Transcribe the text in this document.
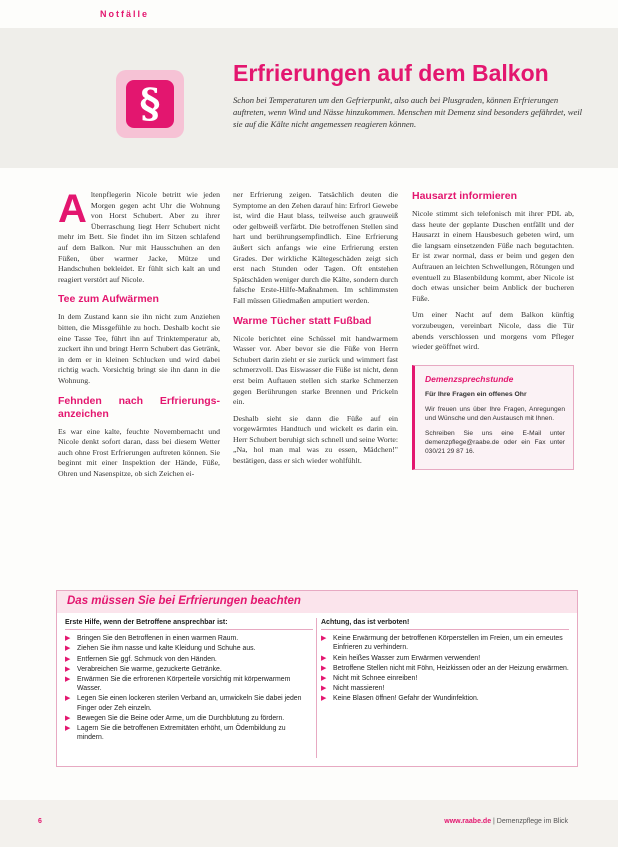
Notfälle
§
Erfrierungen auf dem Balkon

Schon bei Temperaturen um den Gefrierpunkt, also auch bei Plusgraden, können Erfrierungen auftreten, wenn Wind und Nässe hinzukommen. Menschen mit Demenz sind besonders gefährdet, weil sie auf die Kälte nicht angemessen reagieren können.

Altenpflegerin Nicole betritt wie jeden Morgen gegen acht Uhr die Wohnung von Horst Schubert. Aber zu ihrer Überraschung liegt Herr Schubert nicht mehr im Bett. Sie findet ihn im Sitzen schlafend auf dem Balkon. Nur mit Hausschuhen an den Füßen, über warmer Jacke, Mütze und Handschuhen bekleidet. Er fühlt sich kalt an und reagiert verstört auf Nicole.

Tee zum Aufwärmen

In dem Zustand kann sie ihn nicht zum Anziehen bitten, die Missgefühle zu hoch. Deshalb kocht sie eine Tasse Tee, führt ihn auf Trinktemperatur ab, zuckert ihn und bringt Herrn Schubert das Getränk, in dem er in kleinen Schlucken und wird dabei richtig wach. Vorsichtig bringt sie ihn dann in die Wohnung.

Fehnden nach Erfrierungs-anzeichen

Es war eine kalte, feuchte Novembernacht und Nicole denkt sofort daran, dass bei diesem Wetter auch ohne Frost Erfrierungen auftreten können. Sie beginnt mit einer Inspektion der Hände, Füße, Ohren und Nasenspitze, ob sich Zeichen ei-

ner Erfrierung zeigen. Tatsächlich deuten die Symptome an den Zehen darauf hin: Erfrorl Gewebe ist, wird die Haut blass, teilweise auch grauweiß oder gelbweiß verfärbt. Die betroffenen Stellen sind hart und berührungsempfindlich. Eine Erfrierung äußert sich anfangs wie eine Erfrierung ersten Grades. Der wirkliche Kältegeschäden zeigt sich erst nach Stunden oder Tagen. Oft entstehen Spätschäden weniger durch die Kälte, sondern durch falsche Erste-Hilfe-Maßnahmen. Im schlimmsten Fall müssen Gliedmaßen amputiert werden.

Warme Tücher statt Fußbad

Nicole berichtet eine Schüssel mit handwarmem Wasser vor. Aber bevor sie die Füße von Herrn Schubert darin zieht er sie zurück und wimmert fast schmerzvoll. Das Eiswasser die Füße ist nicht, denn erst beim Auftauen stellen sich starke Schmerzen gegen Berührungen starke Brennen und Prickeln ein.

Deshalb sieht sie dann die Füße auf ein vorgewärmtes Handtuch und wickelt es darin ein. Herr Schubert beruhigt sich schnell und seine Worte: „Na, hol man mal was zu essen, Mädchen!" bestätigen, dass er sich wieder wohlfühlt.

Hausarzt informieren

Nicole stimmt sich telefonisch mit ihrer PDL ab, dass heute der geplante Duschen entfällt und der Hausarzt in einem Hausbesuch gebeten wird, um die langsam einsetzenden Füße nach begutachten. Er ist zwar normal, dass er beim und gegen den Auftrauen an leichten Schwellungen, Rötungen und eventuell zu Blasenbildung kommt, aber Nicole ist doch etwas unsicher beim Anblick der bucheren Füße.

Um einer Nacht auf dem Balkon künftig vorzubeugen, vereinbart Nicole, dass die Tür abends verschlossen und morgens vom Pfleger wieder geöffnet wird.

Demenzsprechstunde
Für Ihre Fragen ein offenes Ohr
Wir freuen uns über Ihre Fragen, Anregungen und Wünsche und den Austausch mit Ihnen.
Schreiben Sie uns eine E-Mail unter demenzpflege@raabe.de oder ein Fax unter 030/21 29 87 16.
Das müssen Sie bei Erfrierungen beachten
Erste Hilfe, wenn der Betroffene ansprechbar ist:
▶ Bringen Sie den Betroffenen in einen warmen Raum.
▶ Ziehen Sie ihm nasse und kalte Kleidung und Schuhe aus.
▶ Entfernen Sie ggf. Schmuck von den Händen.
▶ Verabreichen Sie warme, gezuckerte Getränke.
▶ Erwärmen Sie die erfrorenen Körperteile vorsichtig mit körperwarmem Wasser.
▶ Legen Sie einen lockeren sterilen Verband an, umwickeln Sie dabei jeden Finger oder Zeh einzeln.
▶ Bewegen Sie die Beine oder Arme, um die Durchblutung zu fördern.
▶ Lagern Sie die betroffenen Extremitäten erhöht, um Ödembildung zu mindern.
Achtung, das ist verboten!
▶ Keine Erwärmung der betroffenen Körperstellen im Freien, um ein erneutes Einfrieren zu verhindern.
▶ Kein heißes Wasser zum Erwärmen verwenden!
▶ Betroffene Stellen nicht mit Föhn, Heizkissen oder an der Heizung erwärmen.
▶ Nicht mit Schnee einreiben!
▶ Nicht massieren!
▶ Keine Blasen öffnen! Gefahr der Wundinfektion.
6	www.raabe.de | Demenzpflege im Blick
